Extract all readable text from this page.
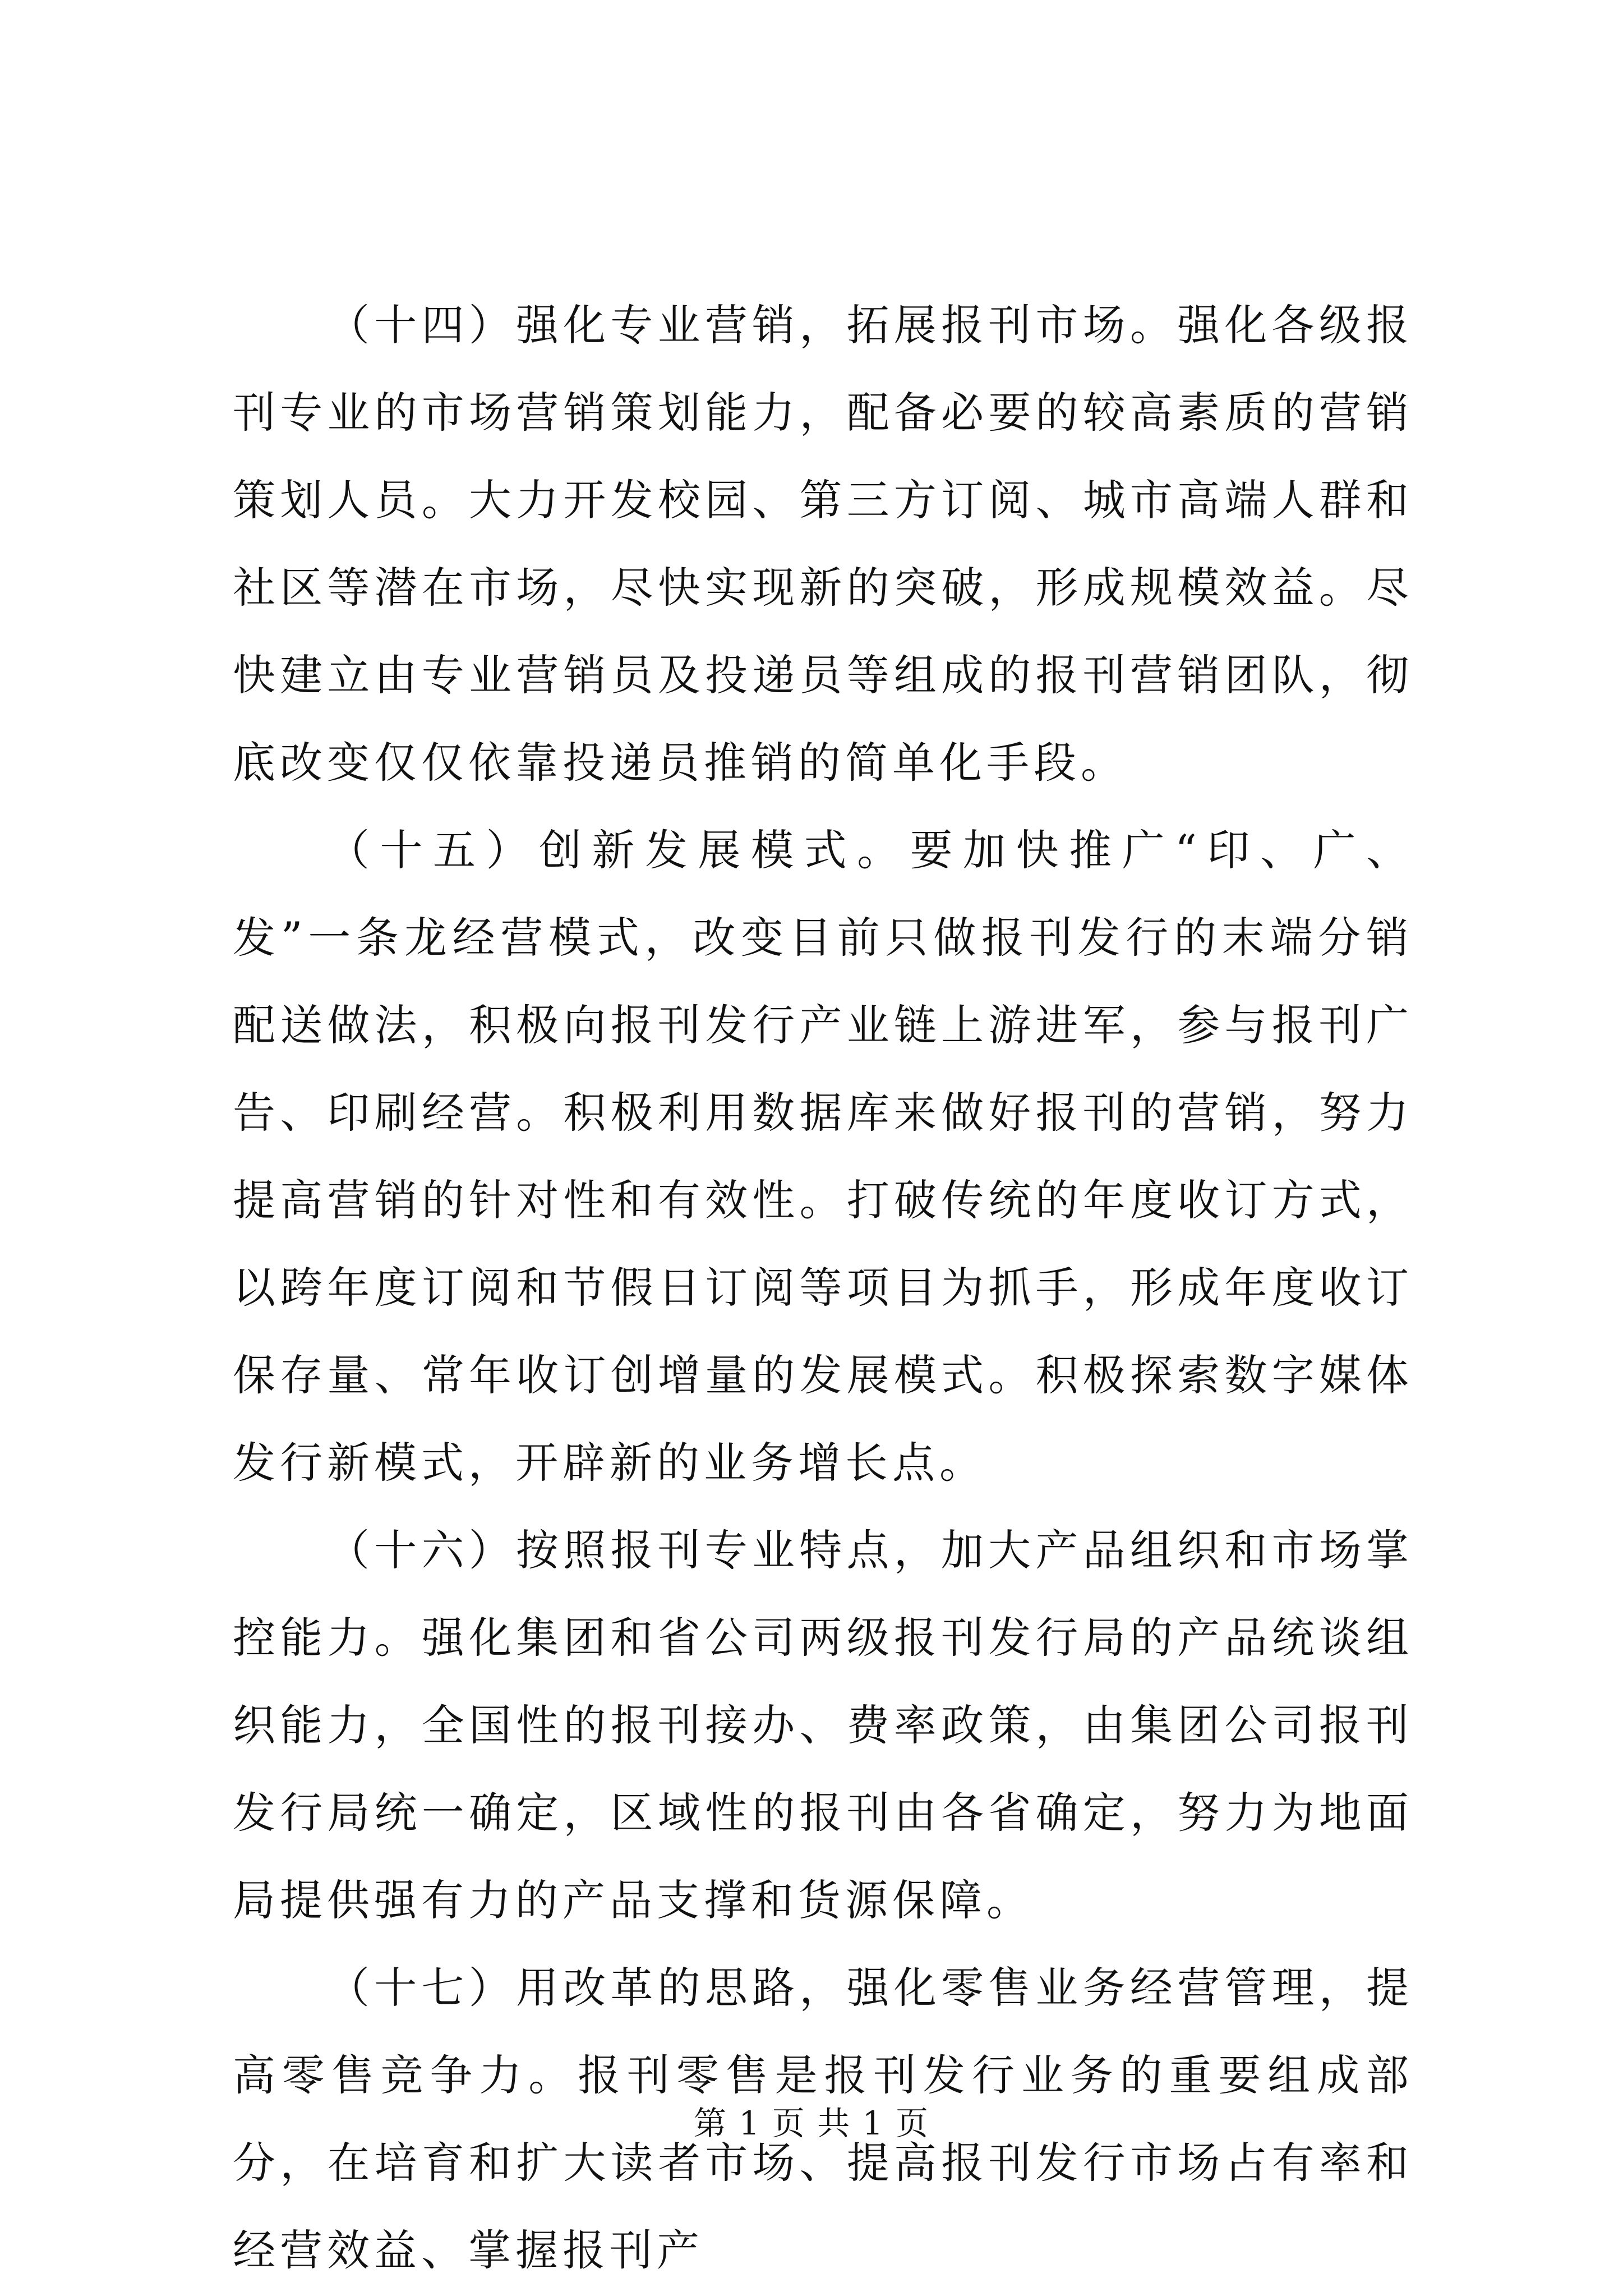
（十四）强化专业营销，拓展报刊市场。强化各级报刊专业的市场营销策划能力，配备必要的较高素质的营销策划人员。大力开发校园、第三方订阅、城市高端人群和社区等潜在市场，尽快实现新的突破，形成规模效益。尽快建立由专业营销员及投递员等组成的报刊营销团队，彻底改变仅仅依靠投递员推销的简单化手段。

（十五）创新发展模式。要加快推广“印、广、发”一条龙经营模式，改变目前只做报刊发行的末端分销配送做法，积极向报刊发行产业链上游进军，参与报刊广告、印刷经营。积极利用数据库来做好报刊的营销，努力提高营销的针对性和有效性。打破传统的年度收订方式，以跨年度订阅和节假日订阅等项目为抓手，形成年度收订保存量、常年收订创增量的发展模式。积极探索数字媒体发行新模式，开辟新的业务增长点。

（十六）按照报刊专业特点，加大产品组织和市场掌控能力。强化集团和省公司两级报刊发行局的产品统谈组织能力，全国性的报刊接办、费率政策，由集团公司报刊发行局统一确定，区域性的报刊由各省确定，努力为地面局提供强有力的产品支撑和货源保障。

（十七）用改革的思路，强化零售业务经营管理，提高零售竞争力。报刊零售是报刊发行业务的重要组成部分，在培育和扩大读者市场、提高报刊发行市场占有率和经营效益、掌握报刊产

第 1 页 共 1 页
